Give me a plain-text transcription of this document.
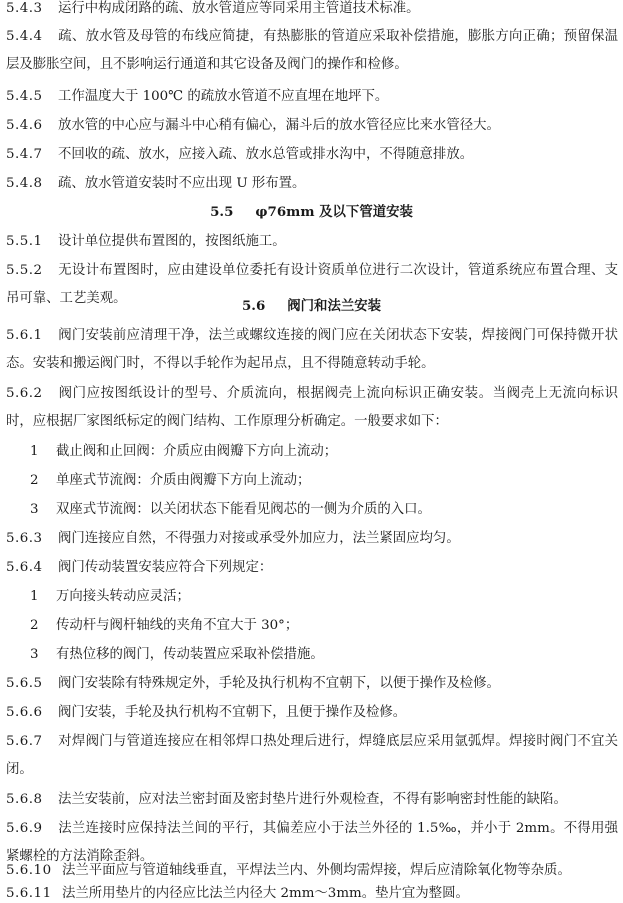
5.4.3 运行中构成闭路的疏、放水管道应等同采用主管道技术标准。
5.4.4 疏、放水管及母管的布线应简捷，有热膨胀的管道应采取补偿措施，膨胀方向正确；预留保温层及膨胀空间，且不影响运行通道和其它设备及阀门的操作和检修。
5.4.5 工作温度大于 100℃ 的疏放水管道不应直埋在地坪下。
5.4.6 放水管的中心应与漏斗中心稍有偏心，漏斗后的放水管径应比来水管径大。
5.4.7 不回收的疏、放水，应接入疏、放水总管或排水沟中，不得随意排放。
5.4.8 疏、放水管道安装时不应出现 U 形布置。
5.5 φ76mm 及以下管道安装
5.5.1 设计单位提供布置图的，按图纸施工。
5.5.2 无设计布置图时，应由建设单位委托有设计资质单位进行二次设计，管道系统应布置合理、支吊可靠、工艺美观。	5.6 阀门和法兰安装
5.6.1 阀门安装前应清理干净，法兰或螺纹连接的阀门应在关闭状态下安装，焊接阀门可保持微开状态。安装和搬运阀门时，不得以手轮作为起吊点，且不得随意转动手轮。
5.6.2 阀门应按图纸设计的型号、介质流向，根据阀壳上流向标识正确安装。当阀壳上无流向标识时，应根据厂家图纸标定的阀门结构、工作原理分析确定。一般要求如下：
1 截止阀和止回阀：介质应由阀瓣下方向上流动；
2 单座式节流阀：介质由阀瓣下方向上流动；
3 双座式节流阀：以关闭状态下能看见阀芯的一侧为介质的入口。
5.6.3 阀门连接应自然，不得强力对接或承受外加应力，法兰紧固应均匀。
5.6.4 阀门传动装置安装应符合下列规定：
1 万向接头转动应灵活；
2 传动杆与阀杆轴线的夹角不宜大于 30°；
3 有热位移的阀门，传动装置应采取补偿措施。
5.6.5 阀门安装除有特殊规定外，手轮及执行机构不宜朝下，以便于操作及检修。
5.6.6 阀门安装，手轮及执行机构不宜朝下，且便于操作及检修。
5.6.7 对焊阀门与管道连接应在相邻焊口热处理后进行，焊缝底层应采用氩弧焊。焊接时阀门不宜关闭。
5.6.8 法兰安装前，应对法兰密封面及密封垫片进行外观检查，不得有影响密封性能的缺陷。
5.6.9 法兰连接时应保持法兰间的平行，其偏差应小于法兰外径的 1.5‰，并小于 2mm。不得用强紧螺栓的方法消除歪斜。
5.6.10 法兰平面应与管道轴线垂直，平焊法兰内、外侧均需焊接，焊后应清除氧化物等杂质。
5.6.11 法兰所用垫片的内径应比法兰内径大 2mm～3mm。垫片宜为整圆。
